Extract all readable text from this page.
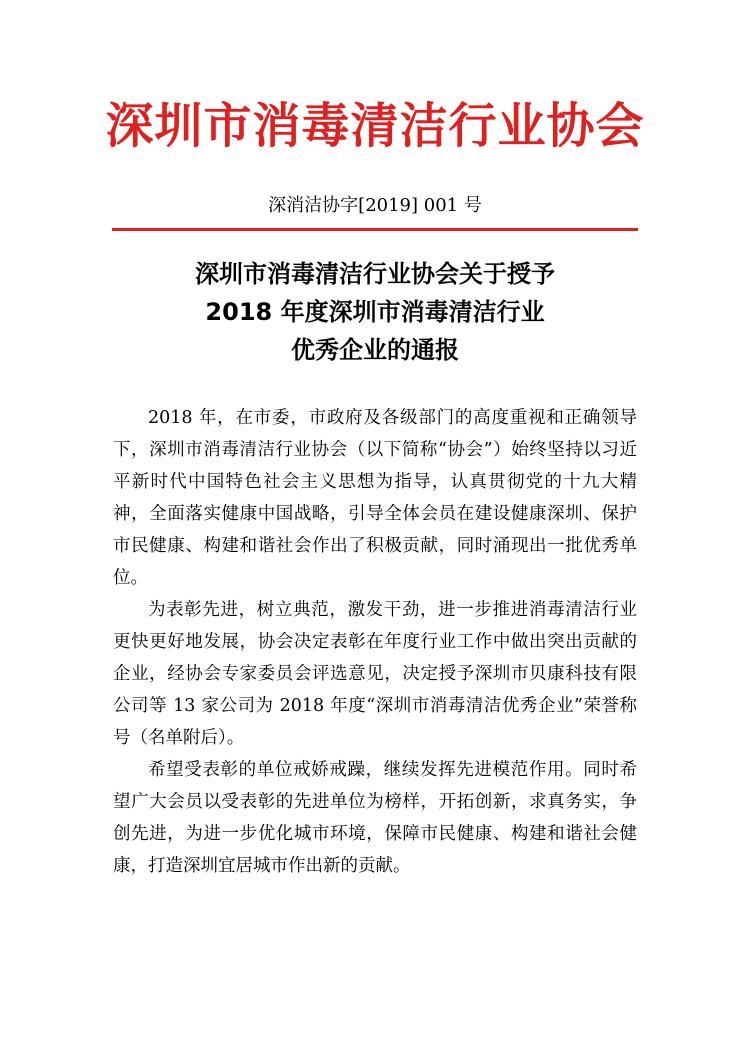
深圳市消毒清洁行业协会
深消洁协字[2019] 001 号
深圳市消毒清洁行业协会关于授予
2018 年度深圳市消毒清洁行业
优秀企业的通报

2018 年，在市委，市政府及各级部门的高度重视和正确领导下，深圳市消毒清洁行业协会（以下简称“协会”）始终坚持以习近平新时代中国特色社会主义思想为指导，认真贯彻党的十九大精神，全面落实健康中国战略，引导全体会员在建设健康深圳、保护市民健康、构建和谐社会作出了积极贡献，同时涌现出一批优秀单位。

为表彰先进，树立典范，激发干劲，进一步推进消毒清洁行业更快更好地发展，协会决定表彰在年度行业工作中做出突出贡献的企业，经协会专家委员会评选意见，决定授予深圳市贝康科技有限公司等 13 家公司为 2018 年度“深圳市消毒清洁优秀企业”荣誉称号（名单附后）。

希望受表彰的单位戒娇戒躁，继续发挥先进模范作用。同时希望广大会员以受表彰的先进单位为榜样，开拓创新，求真务实，争创先进，为进一步优化城市环境，保障市民健康、构建和谐社会健康，打造深圳宜居城市作出新的贡献。
